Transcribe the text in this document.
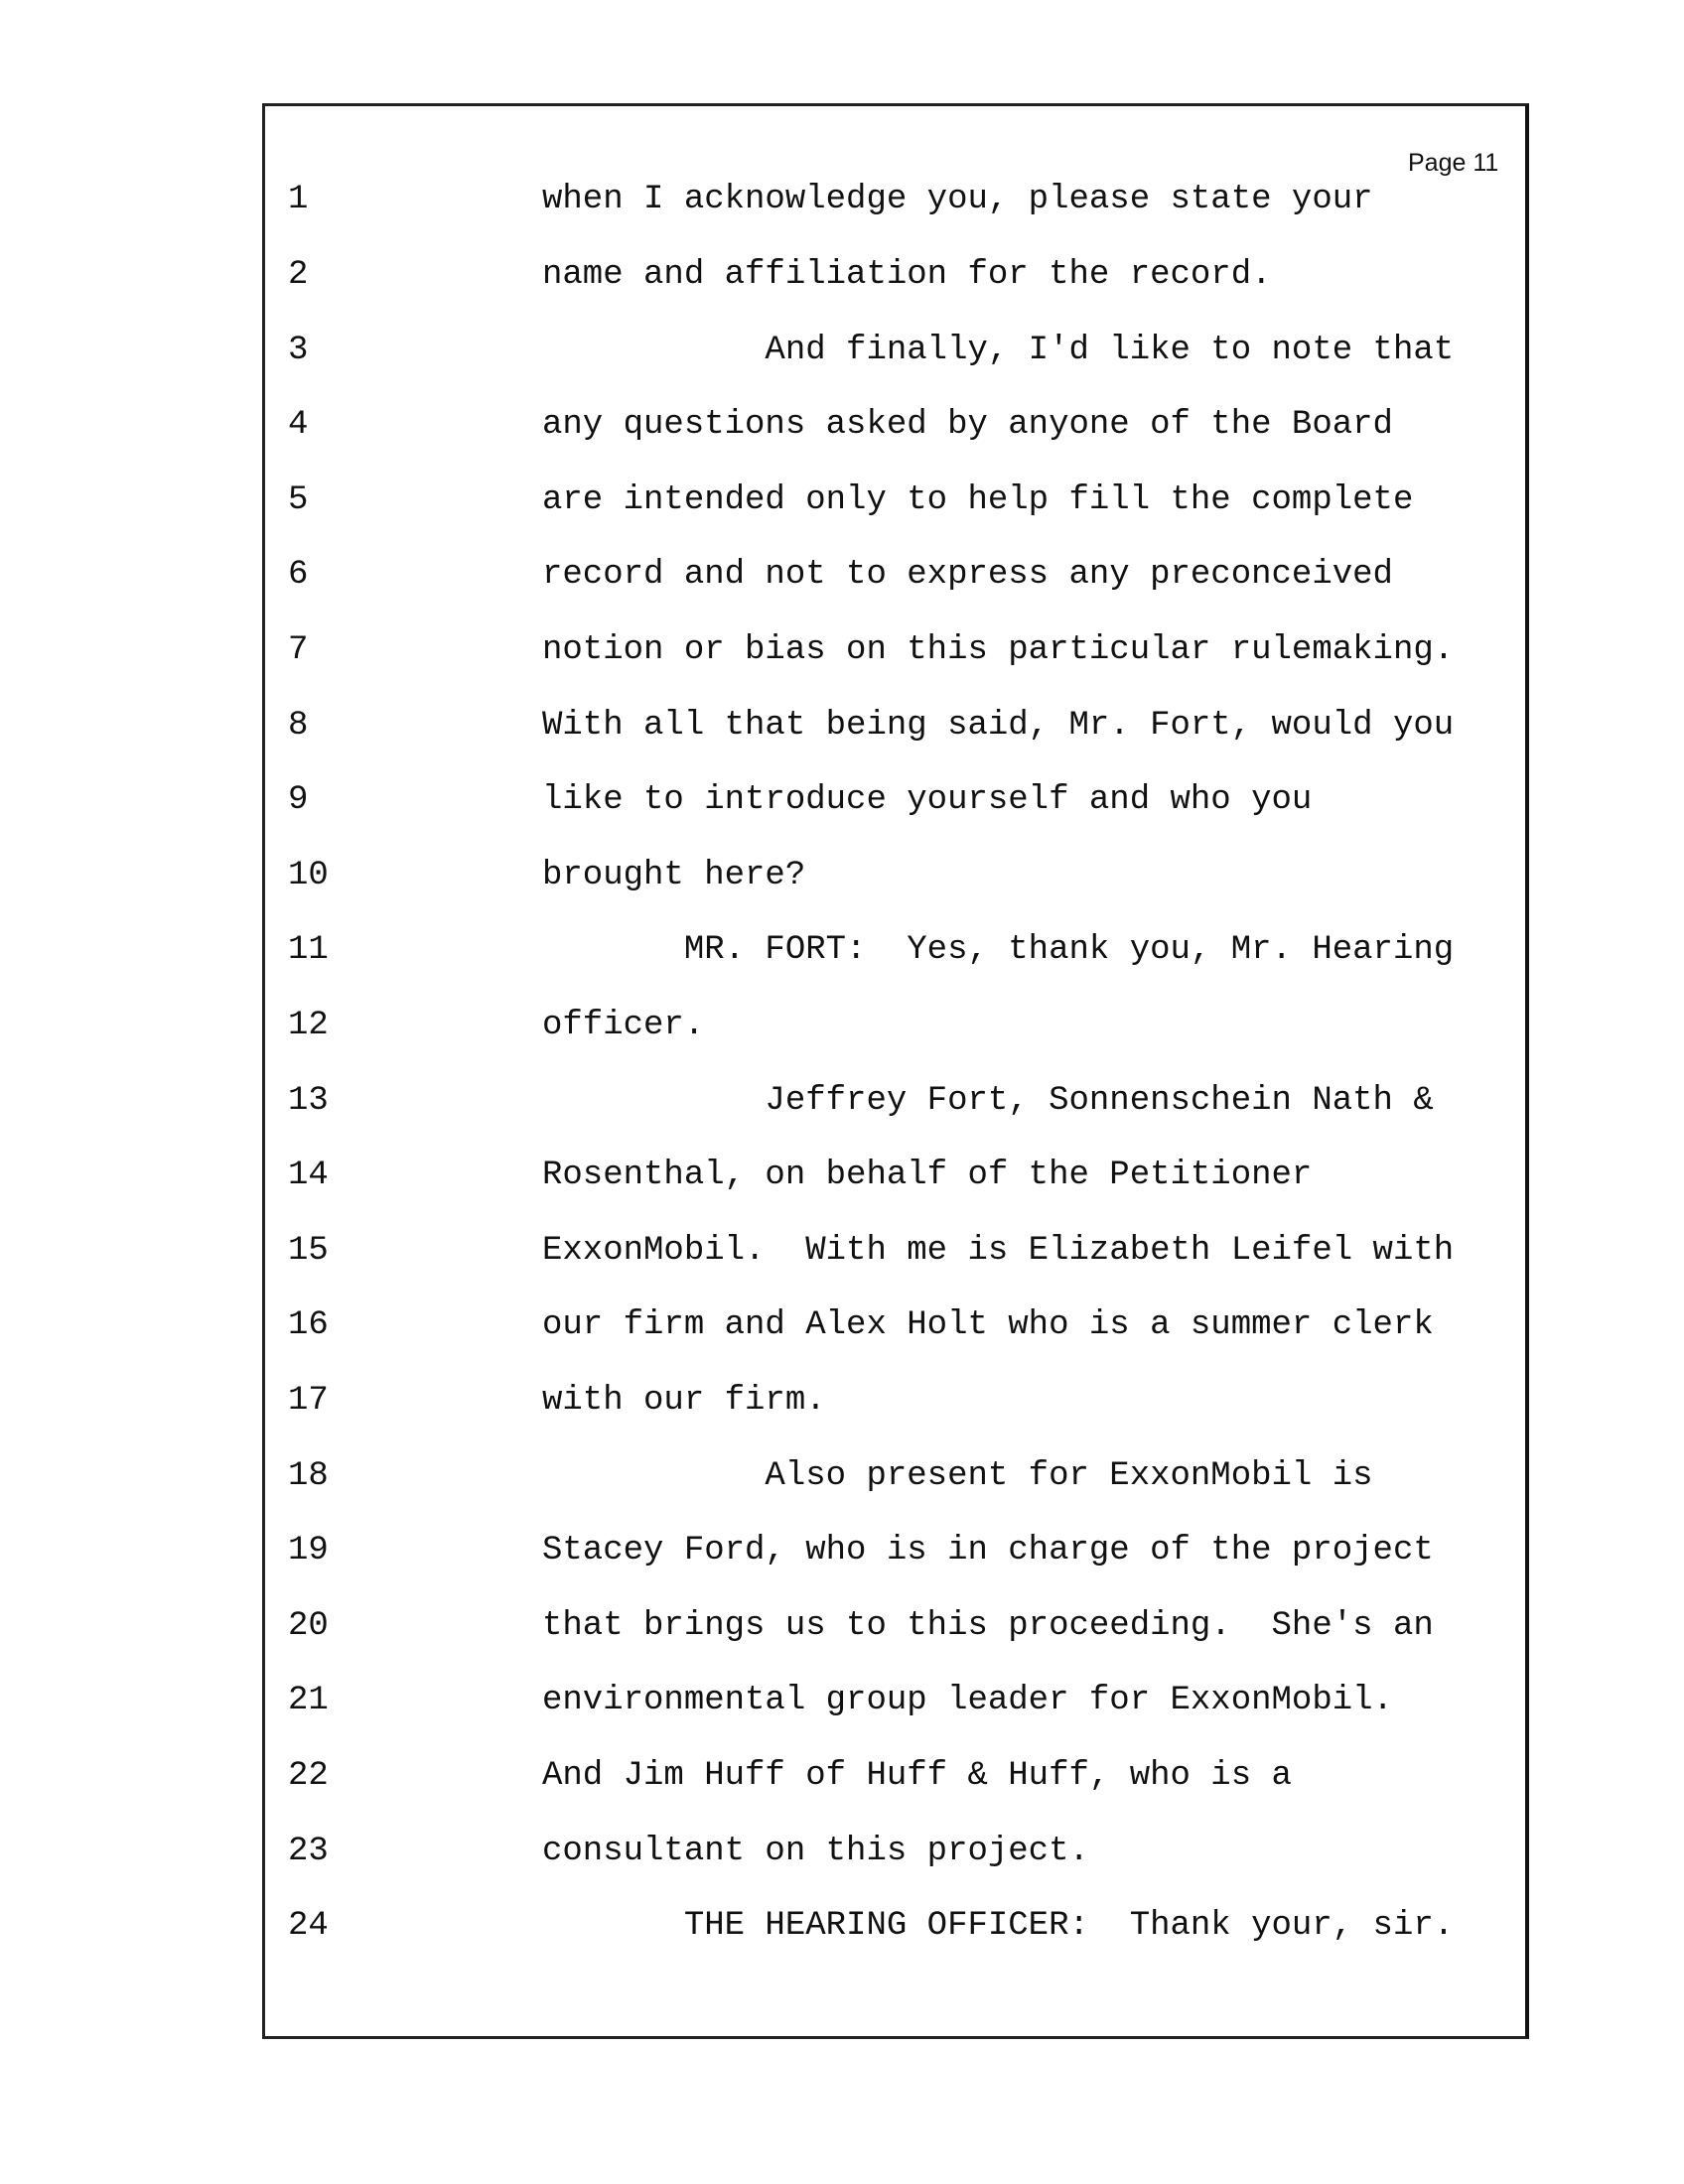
Page 11
1	when I acknowledge you, please state your
2	name and affiliation for the record.
3	And finally, I'd like to note that
4	any questions asked by anyone of the Board
5	are intended only to help fill the complete
6	record and not to express any preconceived
7	notion or bias on this particular rulemaking.
8	With all that being said, Mr. Fort, would you
9	like to introduce yourself and who you
10	brought here?
11	MR. FORT:  Yes, thank you, Mr. Hearing
12	officer.
13	Jeffrey Fort, Sonnenschein Nath &
14	Rosenthal, on behalf of the Petitioner
15	ExxonMobil.  With me is Elizabeth Leifel with
16	our firm and Alex Holt who is a summer clerk
17	with our firm.
18	Also present for ExxonMobil is
19	Stacey Ford, who is in charge of the project
20	that brings us to this proceeding.  She's an
21	environmental group leader for ExxonMobil.
22	And Jim Huff of Huff & Huff, who is a
23	consultant on this project.
24	THE HEARING OFFICER:  Thank your, sir.
